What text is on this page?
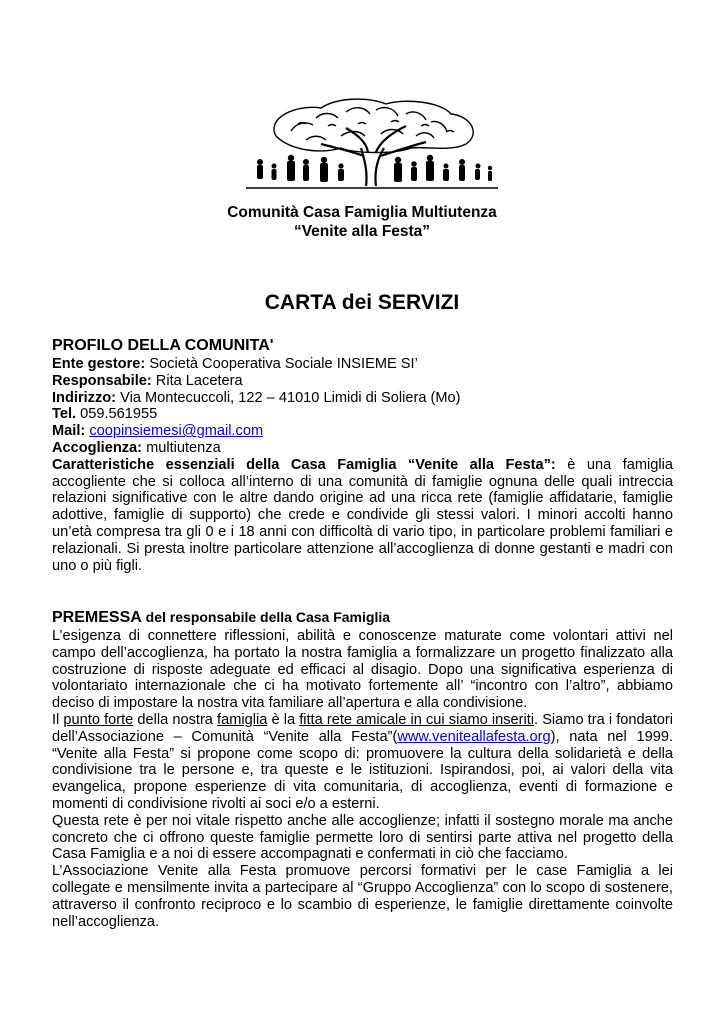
Comunità Casa Famiglia Multiutenza
“Venite alla Festa”
CARTA dei SERVIZI
PROFILO DELLA COMUNITA'
Ente gestore: Società Cooperativa Sociale INSIEME SI’
Responsabile: Rita Lacetera
Indirizzo: Via Montecuccoli, 122 – 41010 Limidi di Soliera (Mo)
Tel. 059.561955
Mail: coopinsiemesi@gmail.com
Accoglienza: multiutenza
Caratteristiche essenziali della Casa Famiglia “Venite alla Festa”: è una famiglia
accogliente che si colloca all’interno di una comunità di famiglie ognuna delle quali intreccia
relazioni significative con le altre dando origine ad una ricca rete (famiglie affidatarie, famiglie
adottive, famiglie di supporto) che crede e condivide gli stessi valori. I minori accolti hanno
un’età compresa tra gli 0 e i 18 anni con difficoltà di vario tipo, in particolare problemi familiari e
relazionali. Si presta inoltre particolare attenzione all’accoglienza di donne gestanti e madri con
uno o più figli.
PREMESSA del responsabile della Casa Famiglia
L’esigenza di connettere riflessioni, abilità e conoscenze maturate come volontari attivi nel
campo dell’accoglienza, ha portato la nostra famiglia a formalizzare un progetto finalizzato alla
costruzione di risposte adeguate ed efficaci al disagio. Dopo una significativa esperienza di
volontariato internazionale che ci ha motivato fortemente all’ “incontro con l’altro”, abbiamo
deciso di impostare la nostra vita familiare all’apertura e alla condivisione.
Il punto forte della nostra famiglia è la fitta rete amicale in cui siamo inseriti. Siamo tra i fondatori
dell’Associazione – Comunità “Venite alla Festa”(www.veniteallafesta.org), nata nel 1999.
“Venite alla Festa” si propone come scopo di: promuovere la cultura della solidarietà e della
condivisione tra le persone e, tra queste e le istituzioni. Ispirandosi, poi, ai valori della vita
evangelica, propone esperienze di vita comunitaria, di accoglienza, eventi di formazione e
momenti di condivisione rivolti ai soci e/o a esterni.
Questa rete è per noi vitale rispetto anche alle accoglienze; infatti il sostegno morale ma anche
concreto che ci offrono queste famiglie permette loro di sentirsi parte attiva nel progetto della
Casa Famiglia e a noi di essere accompagnati e confermati in ciò che facciamo.
L’Associazione Venite alla Festa promuove percorsi formativi per le case Famiglia a lei
collegate e mensilmente invita a partecipare al “Gruppo Accoglienza” con lo scopo di sostenere,
attraverso il confronto reciproco e lo scambio di esperienze, le famiglie direttamente coinvolte
nell’accoglienza.
